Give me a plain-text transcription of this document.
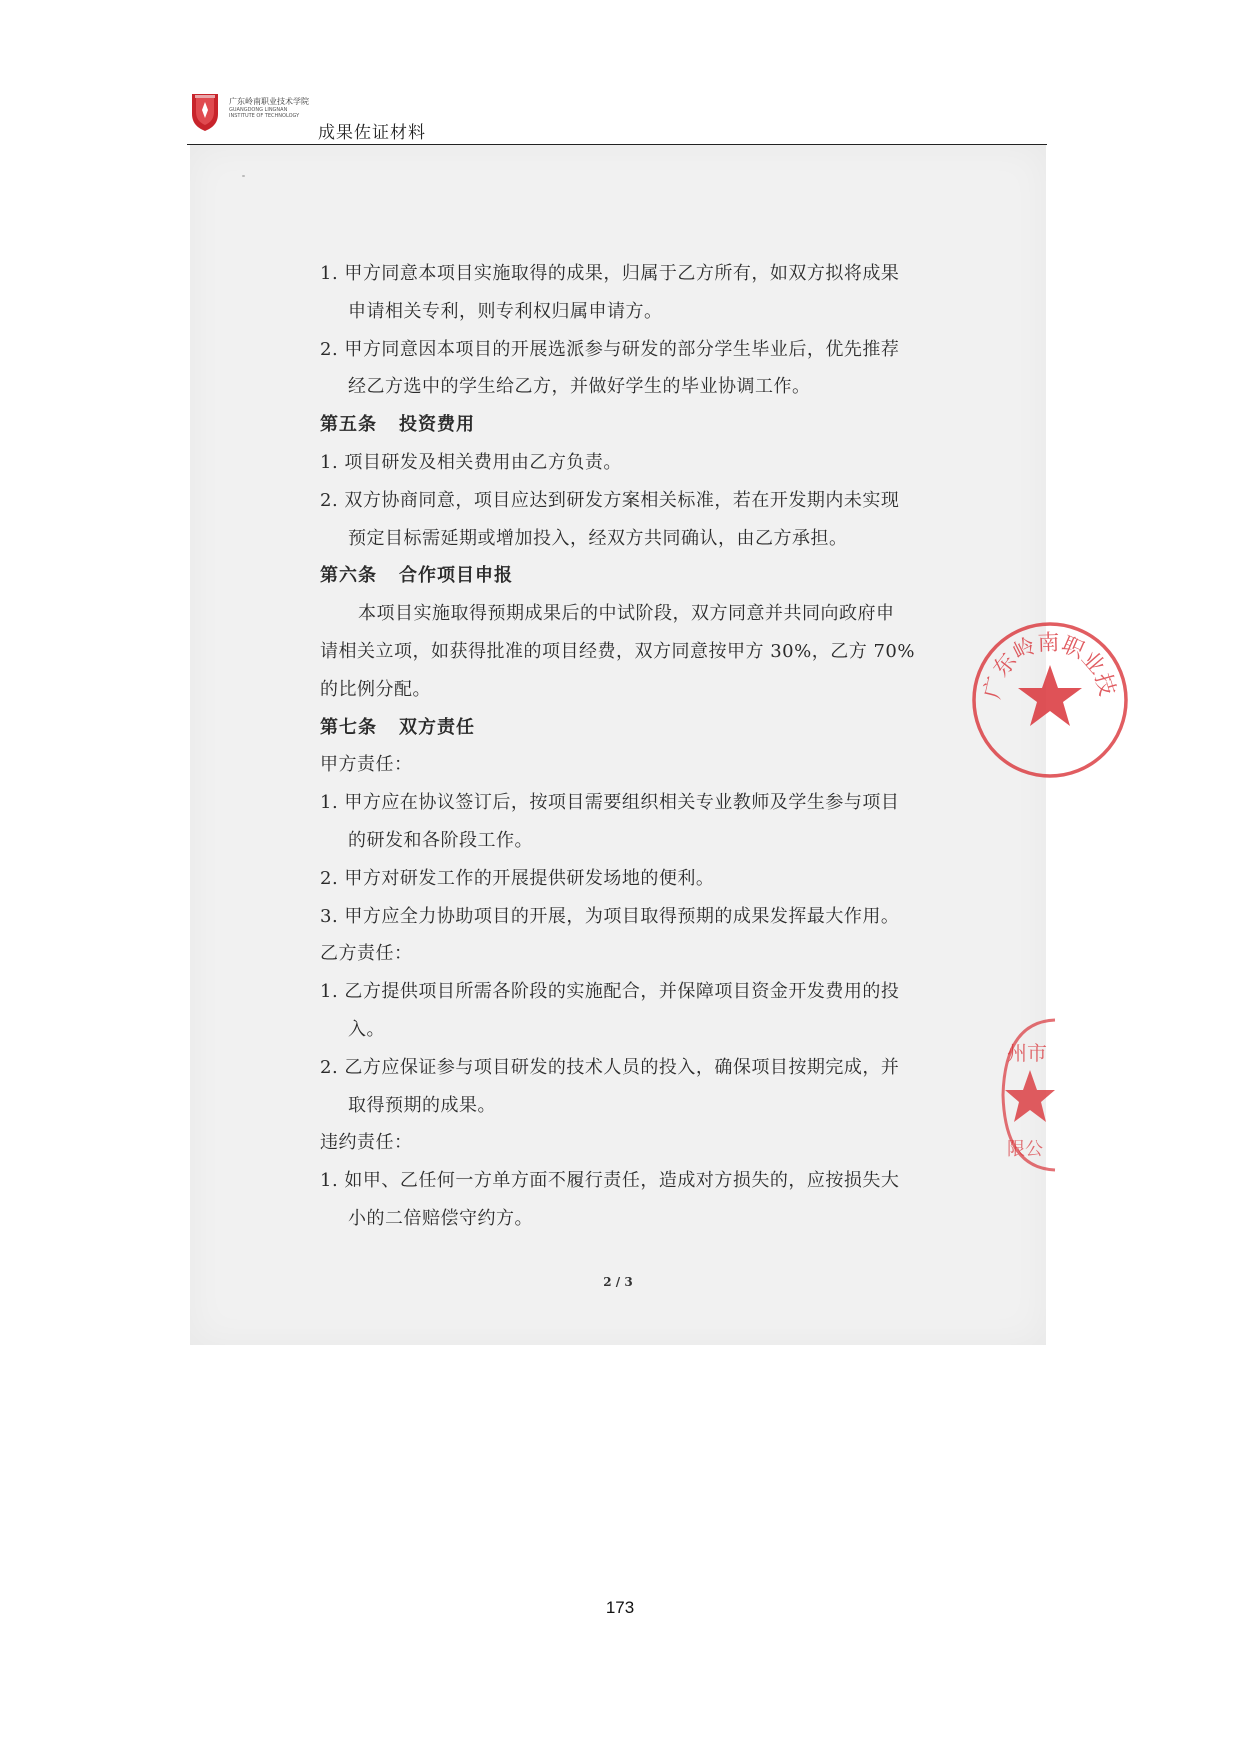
广东岭南职业技术学院
GUANGDONG LINGNAN
INSTITUTE OF TECHNOLOGY
成果佐证材料
1. 甲方同意本项目实施取得的成果，归属于乙方所有，如双方拟将成果
申请相关专利，则专利权归属申请方。
2. 甲方同意因本项目的开展选派参与研发的部分学生毕业后，优先推荐
经乙方选中的学生给乙方，并做好学生的毕业协调工作。
第五条 投资费用
1. 项目研发及相关费用由乙方负责。
2. 双方协商同意，项目应达到研发方案相关标准，若在开发期内未实现
预定目标需延期或增加投入，经双方共同确认，由乙方承担。
第六条 合作项目申报
本项目实施取得预期成果后的中试阶段，双方同意并共同向政府申
请相关立项，如获得批准的项目经费，双方同意按甲方 30%，乙方 70%
的比例分配。
第七条 双方责任
甲方责任：
1. 甲方应在协议签订后，按项目需要组织相关专业教师及学生参与项目
的研发和各阶段工作。
2. 甲方对研发工作的开展提供研发场地的便利。
3. 甲方应全力协助项目的开展，为项目取得预期的成果发挥最大作用。
乙方责任：
1. 乙方提供项目所需各阶段的实施配合，并保障项目资金开发费用的投
入。
2. 乙方应保证参与项目研发的技术人员的投入，确保项目按期完成，并
取得预期的成果。
违约责任：
1. 如甲、乙任何一方单方面不履行责任，造成对方损失的，应按损失大
小的二倍赔偿守约方。
广东岭南职业技
州市
限公
2 / 3
173
